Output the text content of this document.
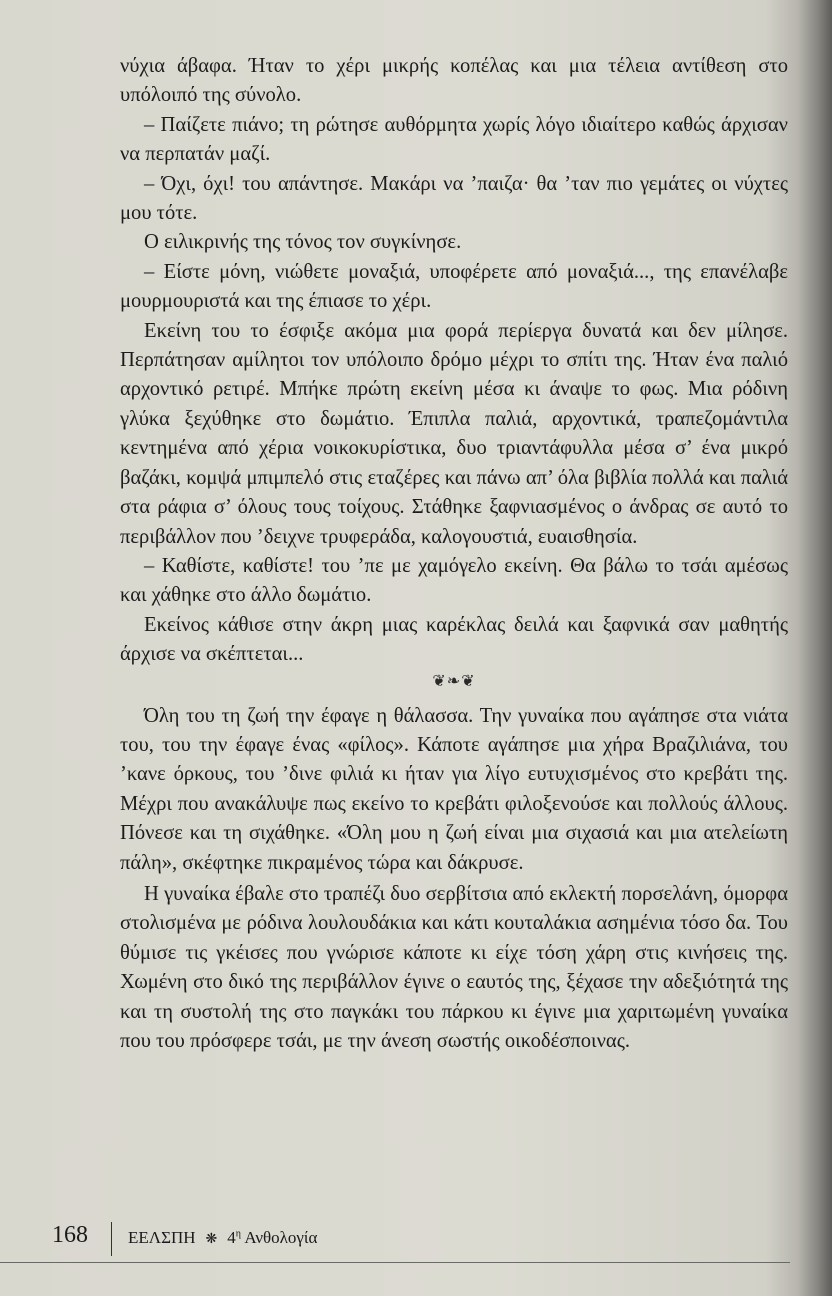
νύχια άβαφα. Ήταν το χέρι μικρής κοπέλας και μια τέλεια αντίθεση στο υπόλοιπό της σύνολο.

– Παίζετε πιάνο; τη ρώτησε αυθόρμητα χωρίς λόγο ιδιαίτερο καθώς άρχισαν να περπατάν μαζί.

– Όχι, όχι! του απάντησε. Μακάρι να ’παιζα· θα ’ταν πιο γεμάτες οι νύχτες μου τότε.

Ο ειλικρινής της τόνος τον συγκίνησε.

– Είστε μόνη, νιώθετε μοναξιά, υποφέρετε από μοναξιά..., της επανέλαβε μουρμουριστά και της έπιασε το χέρι.

Εκείνη του το έσφιξε ακόμα μια φορά περίεργα δυνατά και δεν μίλησε. Περπάτησαν αμίλητοι τον υπόλοιπο δρόμο μέχρι το σπίτι της. Ήταν ένα παλιό αρχοντικό ρετιρέ. Μπήκε πρώτη εκείνη μέσα κι άναψε το φως. Μια ρόδινη γλύκα ξεχύθηκε στο δωμάτιο. Έπιπλα παλιά, αρχοντικά, τραπεζομάντιλα κεντημένα από χέρια νοικοκυρίστικα, δυο τριαντάφυλλα μέσα σ’ ένα μικρό βαζάκι, κομψά μπιμπελό στις εταζέρες και πάνω απ’ όλα βιβλία πολλά και παλιά στα ράφια σ’ όλους τους τοίχους. Στάθηκε ξαφνιασμένος ο άνδρας σε αυτό το περιβάλλον που ’δειχνε τρυφεράδα, καλογουστιά, ευαισθησία.

– Καθίστε, καθίστε! του ’πε με χαμόγελο εκείνη. Θα βάλω το τσάι αμέσως και χάθηκε στο άλλο δωμάτιο.

Εκείνος κάθισε στην άκρη μιας καρέκλας δειλά και ξαφνικά σαν μαθητής άρχισε να σκέπτεται...

❦❧❦

Όλη του τη ζωή την έφαγε η θάλασσα. Την γυναίκα που αγάπησε στα νιάτα του, του την έφαγε ένας «φίλος». Κάποτε αγάπησε μια χήρα Βραζιλιάνα, του ’κανε όρκους, του ’δινε φιλιά κι ήταν για λίγο ευτυχισμένος στο κρεβάτι της. Μέχρι που ανακάλυψε πως εκείνο το κρεβάτι φιλοξενούσε και πολλούς άλλους. Πόνεσε και τη σιχάθηκε. «Όλη μου η ζωή είναι μια σιχασιά και μια ατελείωτη πάλη», σκέφτηκε πικραμένος τώρα και δάκρυσε.

Η γυναίκα έβαλε στο τραπέζι δυο σερβίτσια από εκλεκτή πορσελάνη, όμορφα στολισμένα με ρόδινα λουλουδάκια και κάτι κουταλάκια ασημένια τόσο δα. Του θύμισε τις γκέισες που γνώρισε κάποτε κι είχε τόση χάρη στις κινήσεις της. Χωμένη στο δικό της περιβάλλον έγινε ο εαυτός της, ξέχασε την αδεξιότητά της και τη συστολή της στο παγκάκι του πάρκου κι έγινε μια χαριτωμένη γυναίκα που του πρόσφερε τσάι, με την άνεση σωστής οικοδέσποινας.

168 ΕΕΛΣΠΗ ❋ $4^\eta$ Ανθολογία
